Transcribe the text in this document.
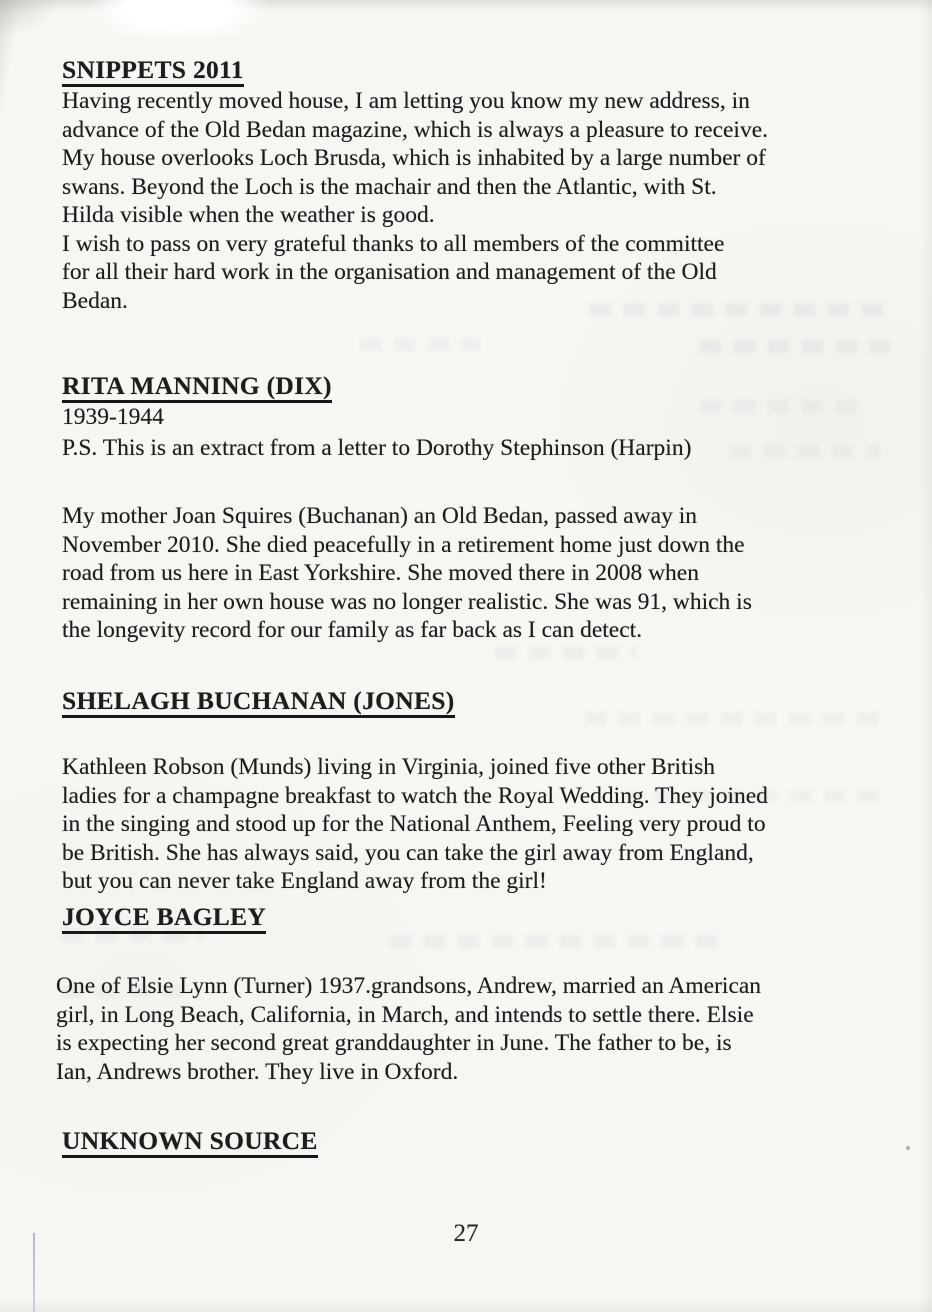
SNIPPETS 2011
Having recently moved house, I am letting you know my new address, in
advance of the Old Bedan magazine, which is always a pleasure to receive.
My house overlooks Loch Brusda, which is inhabited by a large number of
swans. Beyond the Loch is the machair and then the Atlantic, with St.
Hilda visible when the weather is good.
I wish to pass on very grateful thanks to all members of the committee
for all their hard work in the organisation and management of the Old
Bedan.
RITA MANNING (DIX)
1939-1944
P.S. This is an extract from a letter to Dorothy Stephinson (Harpin)
My mother Joan Squires (Buchanan) an Old Bedan, passed away in
November 2010. She died peacefully in a retirement home just down the
road from us here in East Yorkshire. She moved there in 2008 when
remaining in her own house was no longer realistic. She was 91, which is
the longevity record for our family as far back as I can detect.
SHELAGH BUCHANAN (JONES)
Kathleen Robson (Munds) living in Virginia, joined five other British
ladies for a champagne breakfast to watch the Royal Wedding. They joined
in the singing and stood up for the National Anthem, Feeling very proud to
be British. She has always said, you can take the girl away from England,
but you can never take England away from the girl!
JOYCE BAGLEY
One of Elsie Lynn (Turner) 1937.grandsons, Andrew, married an American
girl, in Long Beach, California, in March, and intends to settle there. Elsie
is expecting her second great granddaughter in June. The father to be, is
Ian, Andrews brother. They live in Oxford.
UNKNOWN SOURCE
27
